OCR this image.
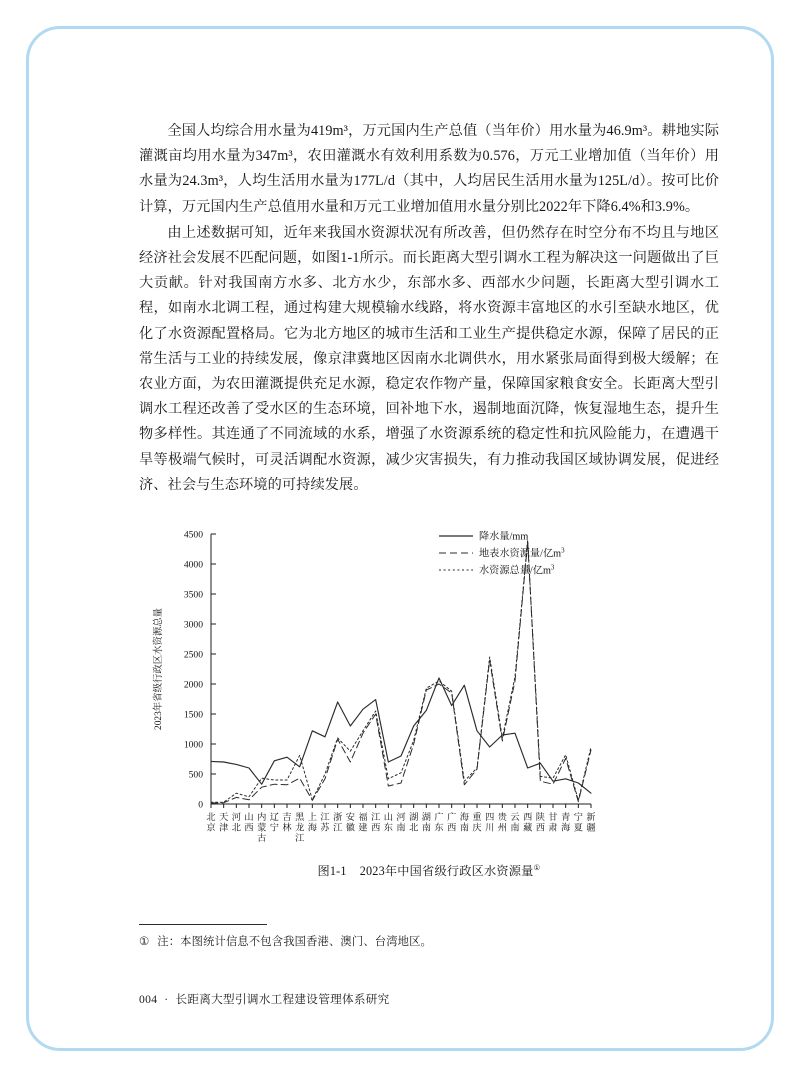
全国人均综合用水量为419m³，万元国内生产总值（当年价）用水量为46.9m³。耕地实际灌溉亩均用水量为347m³，农田灌溉水有效利用系数为0.576，万元工业增加值（当年价）用水量为24.3m³，人均生活用水量为177L/d（其中，人均居民生活用水量为125L/d）。按可比价计算，万元国内生产总值用水量和万元工业增加值用水量分别比2022年下降6.4%和3.9%。

由上述数据可知，近年来我国水资源状况有所改善，但仍然存在时空分布不均且与地区经济社会发展不匹配问题，如图1-1所示。而长距离大型引调水工程为解决这一问题做出了巨大贡献。针对我国南方水多、北方水少，东部水多、西部水少问题，长距离大型引调水工程，如南水北调工程，通过构建大规模输水线路，将水资源丰富地区的水引至缺水地区，优化了水资源配置格局。它为北方地区的城市生活和工业生产提供稳定水源，保障了居民的正常生活与工业的持续发展，像京津冀地区因南水北调供水，用水紧张局面得到极大缓解；在农业方面，为农田灌溉提供充足水源，稳定农作物产量，保障国家粮食安全。长距离大型引调水工程还改善了受水区的生态环境，回补地下水，遏制地面沉降，恢复湿地生态，提升生物多样性。其连通了不同流域的水系，增强了水资源系统的稳定性和抗风险能力，在遭遇干旱等极端气候时，可灵活调配水资源，减少灾害损失，有力推动我国区域协调发展，促进经济、社会与生态环境的可持续发展。

0
500
1000
1500
2000
2500
3000
3500
4000
4500
北
京
天
津
河
北
山
西
内
蒙
古
辽
宁
吉
林
黑
龙
江
上
海
江
苏
浙
江
安
徽
福
建
江
西
山
东
河
南
湖
北
湖
南
广
东
广
西
海
南
重
庆
四
川
贵
州
云
南
西
藏
陕
西
甘
肃
青
海
宁
夏
新
疆
2023年省级行政区水资源总量
降水量/mm
地表水资源量/亿$m^3$
水资源总量/亿$m^3$
图1-1 2023年中国省级行政区水资源量①
① 注：本图统计信息不包含我国香港、澳门、台湾地区。
004 · 长距离大型引调水工程建设管理体系研究
